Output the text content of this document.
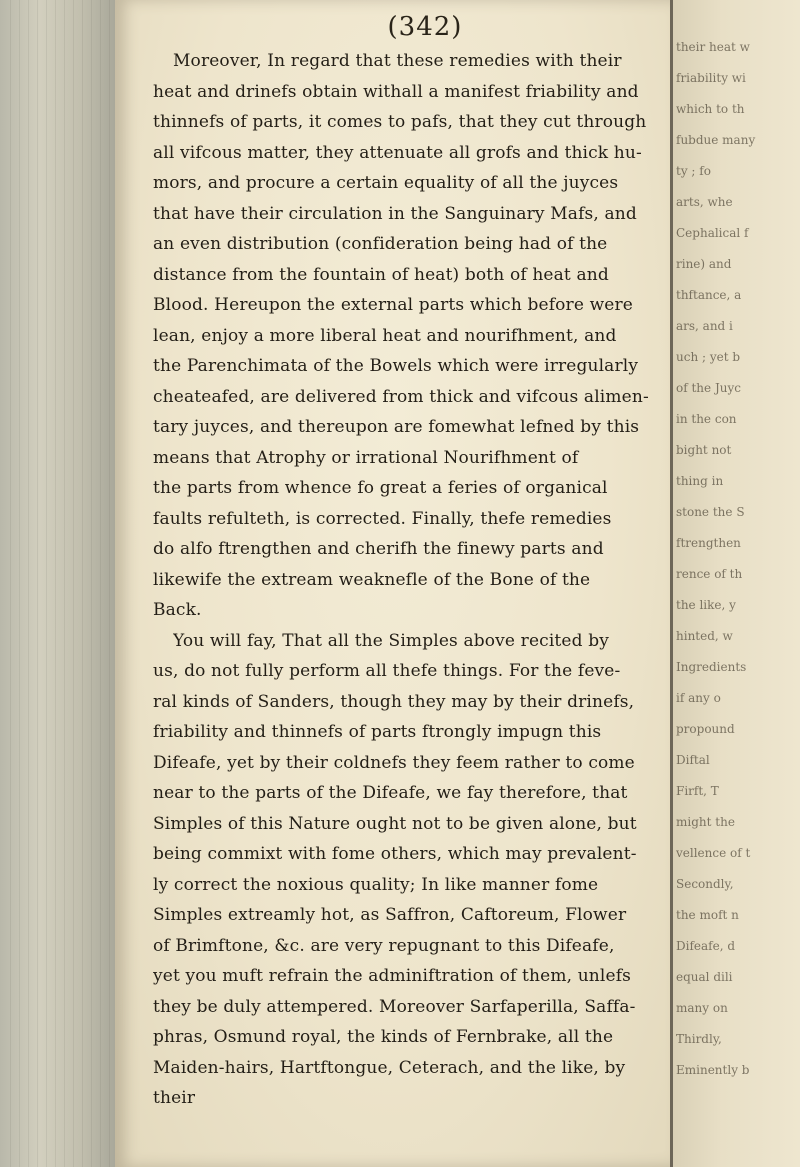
(342)
Moreover, In regard that these remedies with their
heat and drinefs obtain withall a manifest friability and
thinnefs of parts, it comes to pafs, that they cut through
all vifcous matter, they attenuate all grofs and thick hu-
mors, and procure a certain equality of all the juyces
that have their circulation in the Sanguinary Mafs, and
an even distribution (confideration being had of the
distance from the fountain of heat) both of heat and
Blood. Hereupon the external parts which before were
lean, enjoy a more liberal heat and nourifhment, and
the Parenchimata of the Bowels which were irregularly
cheateafed, are delivered from thick and vifcous alimen-
tary juyces, and thereupon are fomewhat lefned by this
means that Atrophy or irrational Nourifhment of
the parts from whence fo great a feries of organical
faults refulteth, is corrected. Finally, thefe remedies
do alfo ftrengthen and cherifh the finewy parts and
likewife the extream weaknefle of the Bone of the
Back.
You will fay, That all the Simples above recited by
us, do not fully perform all thefe things. For the feve-
ral kinds of Sanders, though they may by their drinefs,
friability and thinnefs of parts ftrongly impugn this
Difeafe, yet by their coldnefs they feem rather to come
near to the parts of the Difeafe, we fay therefore, that
Simples of this Nature ought not to be given alone, but
being commixt with fome others, which may prevalent-
ly correct the noxious quality; In like manner fome
Simples extreamly hot, as Saffron, Caftoreum, Flower
of Brimftone, &c. are very repugnant to this Difeafe,
yet you muft refrain the adminiftration of them, unlefs
they be duly attempered. Moreover Sarfaperilla, Saffa-
phras, Osmund royal, the kinds of Fernbrake, all the
Maiden-hairs, Hartftongue, Ceterach, and the like, by
their
their heat w
friability wi
which to th
fubdue many
ty ; fo
arts, whe
Cephalical f
rine) and
thftance, a
ars, and i
uch ; yet b
of the Juyc
in the con
bight not
thing in
stone the S
ftrengthen
rence of th
the like, y
hinted, w
Ingredients
if any o
propound
Diftal
Firft, T
might the
vellence of t
Secondly,
the moft n
Difeafe, d
equal dili
many on
Thirdly,
Eminently b
